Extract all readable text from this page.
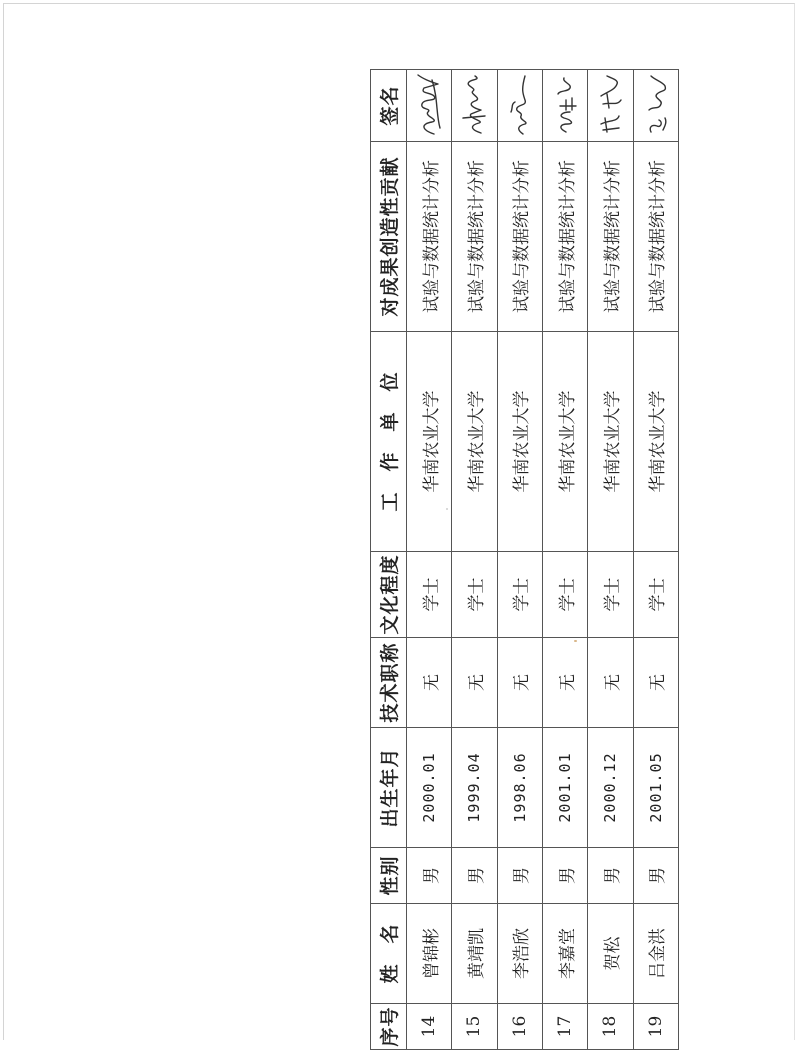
序号	姓　名	性别	出生年月	技术职称	文化程度	工　作　单　位	对成果创造性贡献	签名
14	曾锦彬	男	2000.01	无	学士	华南农业大学	试验与数据统计分析	

15	黄靖凯	男	1999.04	无	学士	华南农业大学	试验与数据统计分析	

16	李浩欣	男	1998.06	无	学士	华南农业大学	试验与数据统计分析	

17	李嘉堂	男	2001.01	无	学士	华南农业大学	试验与数据统计分析	

18	贺松	男	2000.12	无	学士	华南农业大学	试验与数据统计分析	

19	吕金洪	男	2001.05	无	学士	华南农业大学	试验与数据统计分析	
